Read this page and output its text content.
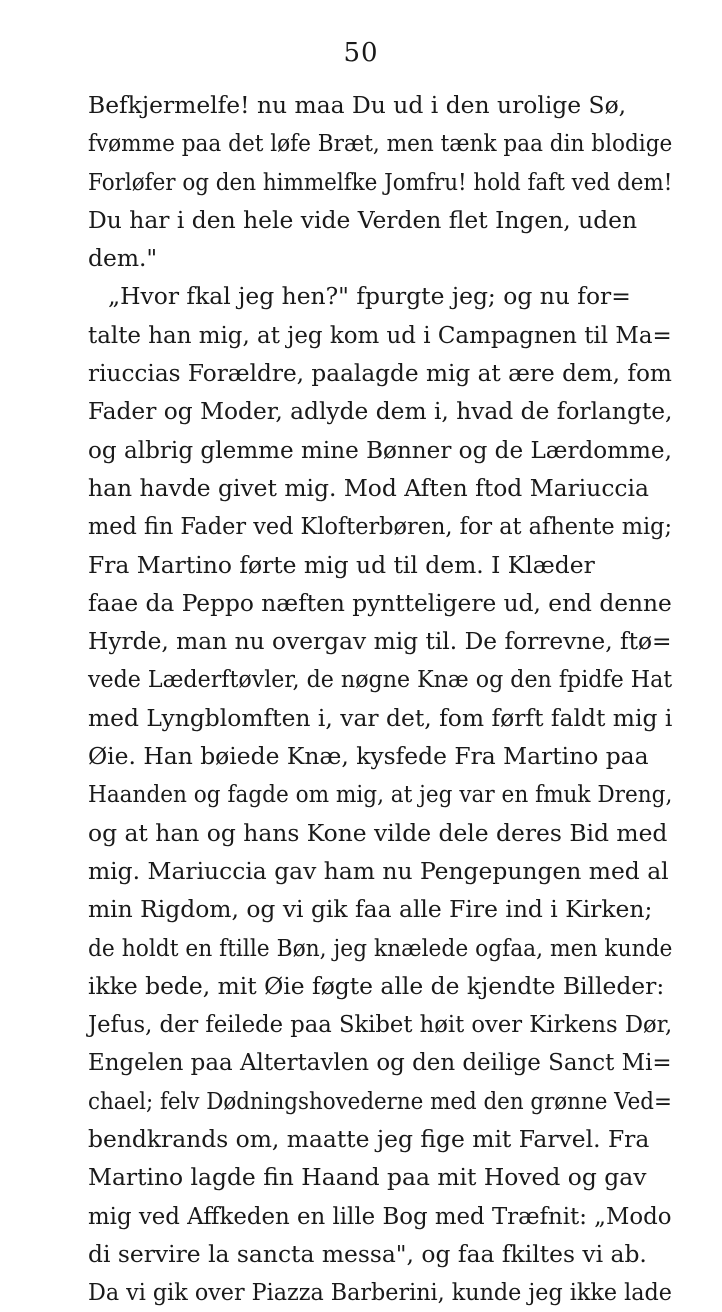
50
Befkjermelfe! nu maa Du ud i den urolige Sø,
fvømme paa det løfe Bræt, men tænk paa din blodige
Forløfer og den himmelfke Jomfru! hold faft ved dem!
Du har i den hele vide Verden flet Ingen, uden
dem."
„Hvor fkal jeg hen?" fpurgte jeg; og nu for=
talte han mig, at jeg kom ud i Campagnen til Ma=
riuccias Forældre, paalagde mig at ære dem, fom
Fader og Moder, adlyde dem i, hvad de forlangte,
og albrig glemme mine Bønner og de Lærdomme,
han havde givet mig. Mod Aften ftod Mariuccia
med fin Fader ved Klofterbøren, for at afhente mig;
Fra Martino førte mig ud til dem. I Klæder
faae da Peppo næften pyntteligere ud, end denne
Hyrde, man nu overgav mig til. De forrevne, ftø=
vede Læderftøvler, de nøgne Knæ og den fpidfe Hat
med Lyngblomften i, var det, fom førft faldt mig i
Øie. Han bøiede Knæ, kysfede Fra Martino paa
Haanden og fagde om mig, at jeg var en fmuk Dreng,
og at han og hans Kone vilde dele deres Bid med
mig. Mariuccia gav ham nu Pengepungen med al
min Rigdom, og vi gik faa alle Fire ind i Kirken;
de holdt en ftille Bøn, jeg knælede ogfaa, men kunde
ikke bede, mit Øie føgte alle de kjendte Billeder:
Jefus, der feilede paa Skibet høit over Kirkens Dør,
Engelen paa Altertavlen og den deilige Sanct Mi=
chael; felv Dødningshovederne med den grønne Ved=
bendkrands om, maatte jeg fige mit Farvel. Fra
Martino lagde fin Haand paa mit Hoved og gav
mig ved Affkeden en lille Bog med Træfnit: „Modo
di servire la sancta messa", og faa fkiltes vi ab.
Da vi gik over Piazza Barberini, kunde jeg ikke lade
